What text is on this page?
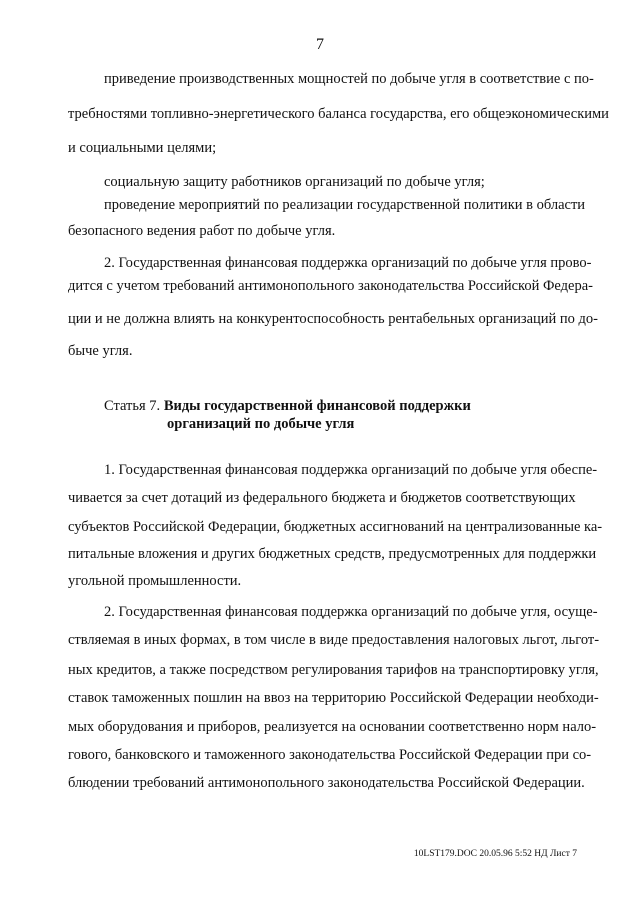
7
приведение производственных мощностей по добыче угля в соответствие с по-
требностями топливно-энергетического баланса государства, его общеэкономическими
и социальными целями;
социальную защиту работников организаций по добыче угля;
проведение мероприятий по реализации государственной политики в области
безопасного ведения работ по добыче угля.
2. Государственная финансовая поддержка организаций по добыче угля прово-
дится с учетом требований антимонопольного законодательства Российской Федера-
ции и не должна влиять на конкурентоспособность рентабельных организаций по до-
быче угля.
Статья 7. Виды государственной финансовой поддержки
организаций по добыче угля
1. Государственная финансовая поддержка организаций по добыче угля обеспе-
чивается за счет дотаций из федерального бюджета и бюджетов соответствующих
субъектов Российской Федерации, бюджетных ассигнований на централизованные ка-
питальные вложения и других бюджетных средств, предусмотренных для поддержки
угольной промышленности.
2. Государственная финансовая поддержка организаций по добыче угля, осуще-
ствляемая в иных формах, в том числе в виде предоставления налоговых льгот, льгот-
ных кредитов, а также посредством регулирования тарифов на транспортировку угля,
ставок таможенных пошлин на ввоз на территорию Российской Федерации необходи-
мых оборудования и приборов, реализуется на основании соответственно норм нало-
гового, банковского и таможенного законодательства Российской Федерации при со-
блюдении требований антимонопольного законодательства Российской Федерации.
10LST179.DOC 20.05.96 5:52 НД Лист 7
